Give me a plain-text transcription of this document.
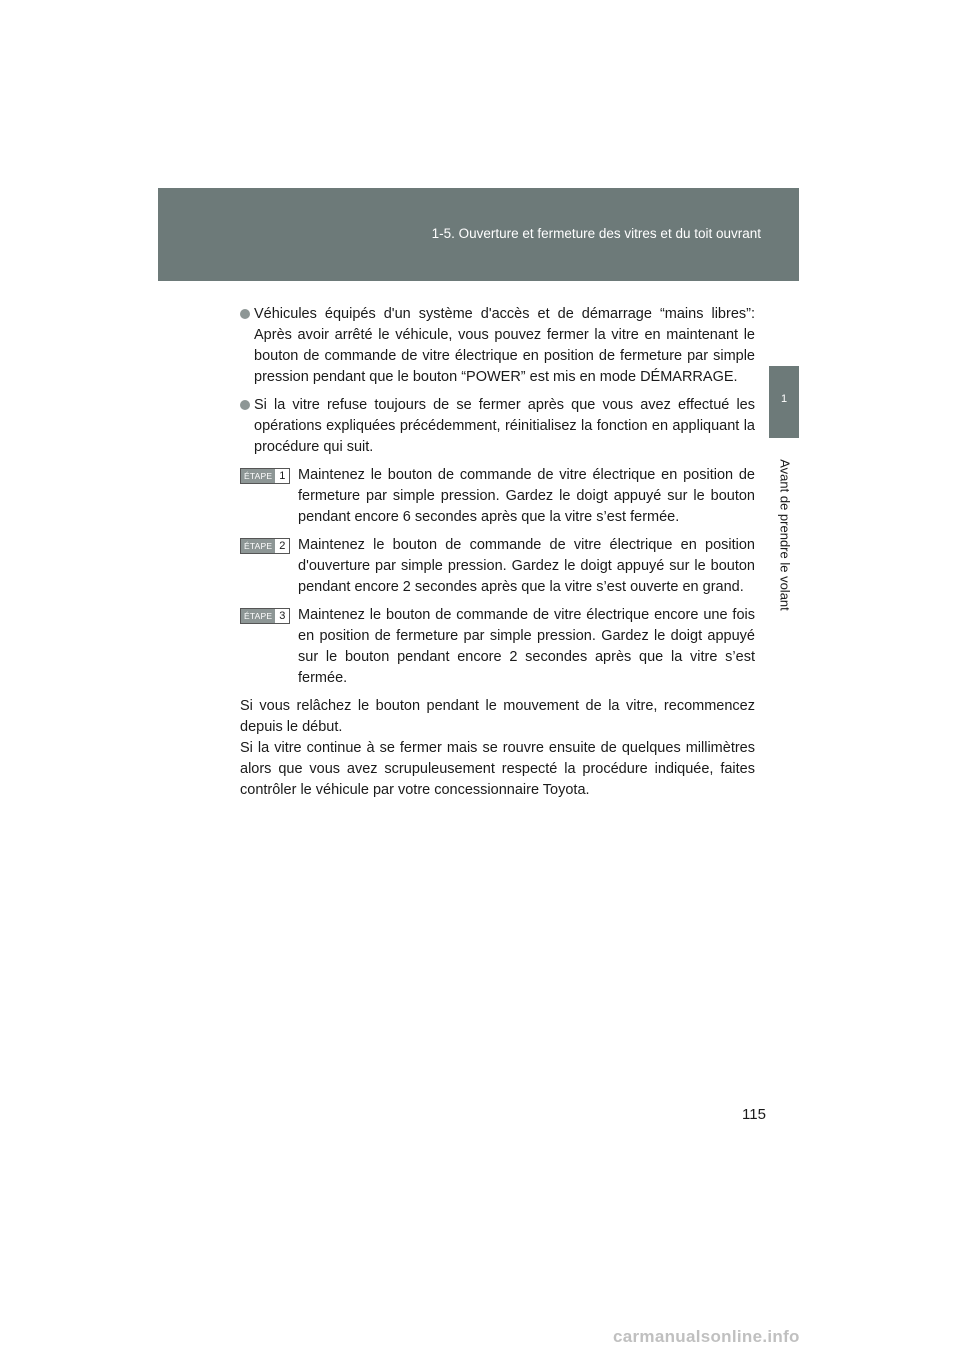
1-5. Ouverture et fermeture des vitres et du toit ouvrant
1
Avant de prendre le volant
Véhicules équipés d'un système d'accès et de démarrage “mains libres”: Après avoir arrêté le véhicule, vous pouvez fermer la vitre en maintenant le bouton de commande de vitre électrique en position de fermeture par simple pression pendant que le bouton “POWER” est mis en mode DÉMARRAGE.
Si la vitre refuse toujours de se fermer après que vous avez effectué les opérations expliquées précédemment, réinitialisez la fonction en appliquant la procédure qui suit.
ÉTAPE 1 Maintenez le bouton de commande de vitre électrique en position de fermeture par simple pression. Gardez le doigt appuyé sur le bouton pendant encore 6 secondes après que la vitre s’est fermée.
ÉTAPE 2 Maintenez le bouton de commande de vitre électrique en position d'ouverture par simple pression. Gardez le doigt appuyé sur le bouton pendant encore 2 secondes après que la vitre s’est ouverte en grand.
ÉTAPE 3 Maintenez le bouton de commande de vitre électrique encore une fois en position de fermeture par simple pression. Gardez le doigt appuyé sur le bouton pendant encore 2 secondes après que la vitre s’est fermée.
Si vous relâchez le bouton pendant le mouvement de la vitre, recommencez depuis le début.
Si la vitre continue à se fermer mais se rouvre ensuite de quelques millimètres alors que vous avez scrupuleusement respecté la procédure indiquée, faites contrôler le véhicule par votre concessionnaire Toyota.
115
carmanualsonline.info
